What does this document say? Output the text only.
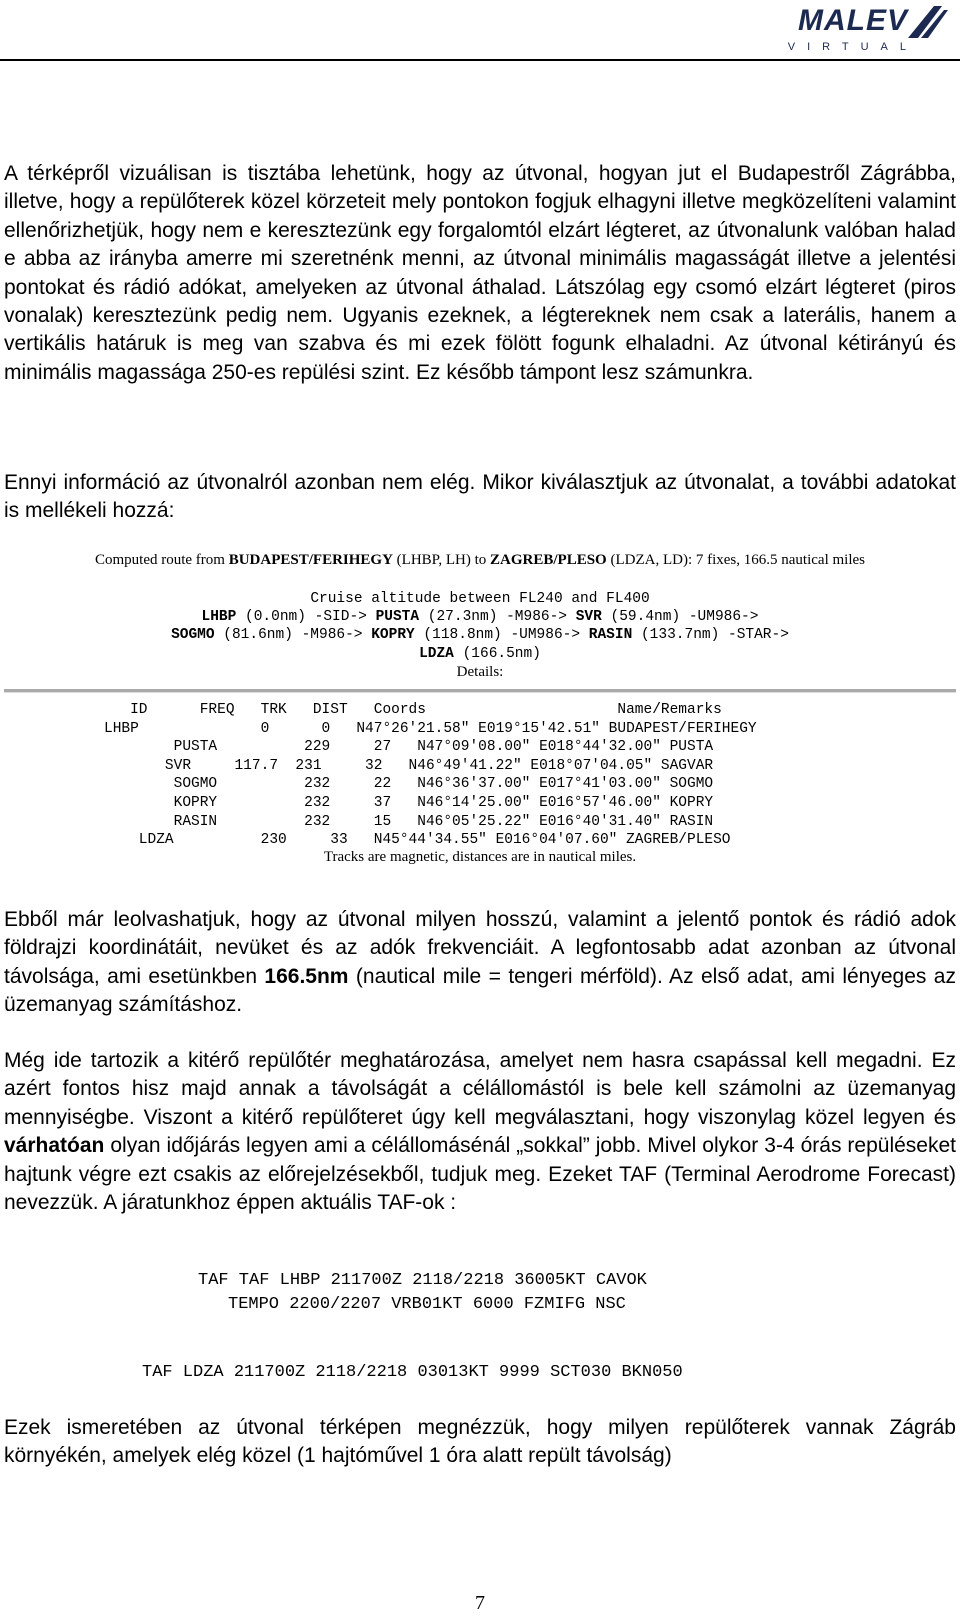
MALEV
VIRTUAL

A térképről vizuálisan is tisztába lehetünk, hogy az útvonal, hogyan jut el Budapestről Zágrábba, illetve, hogy a repülőterek közel körzeteit mely pontokon fogjuk elhagyni illetve megközelíteni valamint ellenőrizhetjük, hogy nem e keresztezünk egy forgalomtól elzárt légteret, az útvonalunk valóban halad e abba az irányba amerre mi szeretnénk menni, az útvonal minimális magasságát illetve a jelentési pontokat és rádió adókat, amelyeken az útvonal áthalad. Látszólag egy csomó elzárt légteret (piros vonalak) keresztezünk pedig nem. Ugyanis ezeknek, a légtereknek nem csak a laterális, hanem a vertikális határuk is meg van szabva és mi ezek fölött fogunk elhaladni. Az útvonal kétirányú és minimális magassága 250-es repülési szint. Ez később támpont lesz számunkra.

Ennyi információ az útvonalról azonban nem elég. Mikor kiválasztjuk az útvonalat, a további adatokat is mellékeli hozzá:

Computed route from BUDAPEST/FERIHEGY (LHBP, LH) to ZAGREB/PLESO (LDZA, LD): 7 fixes, 166.5 nautical miles
Cruise altitude between FL240 and FL400
LHBP (0.0nm) -SID-> PUSTA (27.3nm) -M986-> SVR (59.4nm) -UM986->
SOGMO (81.6nm) -M986-> KOPRY (118.8nm) -UM986-> RASIN (133.7nm) -STAR->
LDZA (166.5nm)
Details:
ID      FREQ   TRK   DIST   Coords                      Name/Remarks
LHBP              0      0   N47°26'21.58" E019°15'42.51" BUDAPEST/FERIHEGY
PUSTA          229     27   N47°09'08.00" E018°44'32.00" PUSTA
SVR     117.7  231     32   N46°49'41.22" E018°07'04.05" SAGVAR
SOGMO          232     22   N46°36'37.00" E017°41'03.00" SOGMO
KOPRY          232     37   N46°14'25.00" E016°57'46.00" KOPRY
RASIN          232     15   N46°05'25.22" E016°40'31.40" RASIN
LDZA          230     33   N45°44'34.55" E016°04'07.60" ZAGREB/PLESO
Tracks are magnetic, distances are in nautical miles.

Ebből már leolvashatjuk, hogy az útvonal milyen hosszú, valamint a jelentő pontok és rádió adok földrajzi koordinátáit, nevüket és az adók frekvenciáit. A legfontosabb adat azonban az útvonal távolsága, ami esetünkben 166.5nm (nautical mile = tengeri mérföld). Az első adat, ami lényeges az üzemanyag számításhoz.

Még ide tartozik a kitérő repülőtér meghatározása, amelyet nem hasra csapással kell megadni. Ez azért fontos hisz majd annak a távolságát a célállomástól is bele kell számolni az üzemanyag mennyiségbe. Viszont a kitérő repülőteret úgy kell megválasztani, hogy viszonylag közel legyen és várhatóan olyan időjárás legyen ami a célállomásénál „sokkal” jobb. Mivel olykor 3-4 órás repüléseket hajtunk végre ezt csakis az előrejelzésekből, tudjuk meg. Ezeket TAF (Terminal Aerodrome Forecast) nevezzük. A járatunkhoz éppen aktuális TAF-ok :

TAF TAF LHBP 211700Z 2118/2218 36005KT CAVOK
TEMPO 2200/2207 VRB01KT 6000 FZMIFG NSC
TAF LDZA 211700Z 2118/2218 03013KT 9999 SCT030 BKN050

Ezek ismeretében az útvonal térképen megnézzük, hogy milyen repülőterek vannak Zágráb környékén, amelyek elég közel (1 hajtóművel 1 óra alatt repült távolság)

7
